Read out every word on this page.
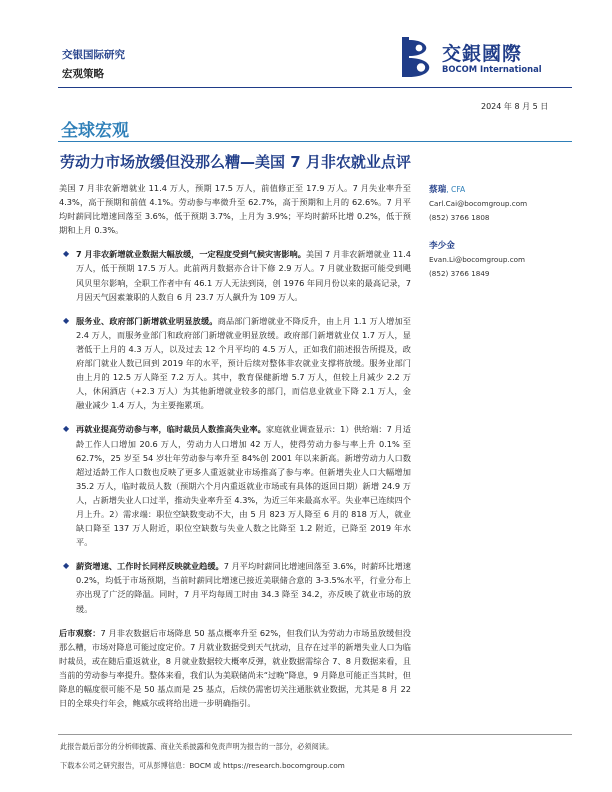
交银国际研究
宏观策略
交銀國際
BOCOM International
2024 年 8 月 5 日
全球宏观
劳动力市场放缓但没那么糟—美国 7 月非农就业点评

美国 7 月非农新增就业 11.4 万人，预期 17.5 万人，前值修正至 17.9 万人。7 月失业率升至 4.3%，高于预期和前值 4.1%。劳动参与率微升至 62.7%，高于预期和上月的 62.6%。7 月平均时薪同比增速回落至 3.6%，低于预期 3.7%，上月为 3.9%；平均时薪环比增 0.2%，低于预期和上月 0.3%。

◆ 7 月非农新增就业数据大幅放缓，一定程度受到气候灾害影响。美国 7 月非农新增就业 11.4 万人，低于预期 17.5 万人。此前两月数据亦合计下修 2.9 万人。7 月就业数据可能受到飓风贝里尔影响，全职工作者中有 46.1 万人无法到岗，创 1976 年同月份以来的最高记录，7 月因天气因素兼职的人数自 6 月 23.7 万人飙升为 109 万人。

◆ 服务业、政府部门新增就业明显放缓。商品部门新增就业不降反升，由上月 1.1 万人增加至 2.4 万人，而服务业部门和政府部门新增就业明显放缓。政府部门新增就业仅 1.7 万人，显著低于上月的 4.3 万人，以及过去 12 个月平均的 4.5 万人，正如我们前述报告所提及，政府部门就业人数已回到 2019 年的水平，预计后续对整体非农就业支撑将放缓。服务业部门由上月的 12.5 万人降至 7.2 万人。其中，教育保健新增 5.7 万人，但较上月减少 2.2 万人，休闲酒店（+2.3 万人）为其他新增就业较多的部门，而信息业就业下降 2.1 万人，金融业减少 1.4 万人，为主要拖累项。

◆ 再就业提高劳动参与率，临时裁员人数推高失业率。家庭就业调查显示：1）供给端：7 月适龄工作人口增加 20.6 万人，劳动力人口增加 42 万人，使得劳动力参与率上升 0.1% 至 62.7%，25 岁至 54 岁壮年劳动参与率升至 84%创 2001 年以来新高。新增劳动力人口数超过适龄工作人口数也反映了更多人重返就业市场推高了参与率。但新增失业人口大幅增加 35.2 万人，临时裁员人数（预期六个月内重返就业市场或有具体的返回日期）新增 24.9 万人，占新增失业人口过半，推动失业率升至 4.3%，为近三年来最高水平。失业率已连续四个月上升。2）需求端：职位空缺数变动不大，由 5 月 823 万人降至 6 月的 818 万人，就业缺口降至 137 万人附近，职位空缺数与失业人数之比降至 1.2 附近，已降至 2019 年水平。

◆ 薪资增速、工作时长同样反映就业趋缓。7 月平均时薪同比增速回落至 3.6%，时薪环比增速 0.2%，均低于市场预期，当前时薪同比增速已接近美联储合意的 3-3.5%水平，行业分布上亦出现了广泛的降温。同时，7 月平均每周工时由 34.3 降至 34.2，亦反映了就业市场的放缓。

后市观察：7 月非农数据后市场降息 50 基点概率升至 62%，但我们认为劳动力市场虽放缓但没那么糟，市场对降息可能过度定价。7 月就业数据受到天气扰动，且存在过半的新增失业人口为临时裁员，或在随后重返就业，8 月就业数据较大概率反弹，就业数据需综合 7、8 月数据来看，且当前的劳动参与率提升。整体来看，我们认为美联储尚未“过晚”降息，9 月降息可能正当其时，但降息的幅度很可能不是 50 基点而是 25 基点，后续仍需密切关注通胀就业数据，尤其是 8 月 22 日的全球央行年会，鲍威尔或将给出进一步明确指引。

蔡瑞, CFA
Carl.Cai@bocomgroup.com
(852) 3766 1808
李少金
Evan.Li@bocomgroup.com
(852) 3766 1849
此报告最后部分的分析师披露、商业关系披露和免责声明为报告的一部分，必须阅读。
下载本公司之研究报告，可从彭博信息：BOCM 或 https://research.bocomgroup.com
